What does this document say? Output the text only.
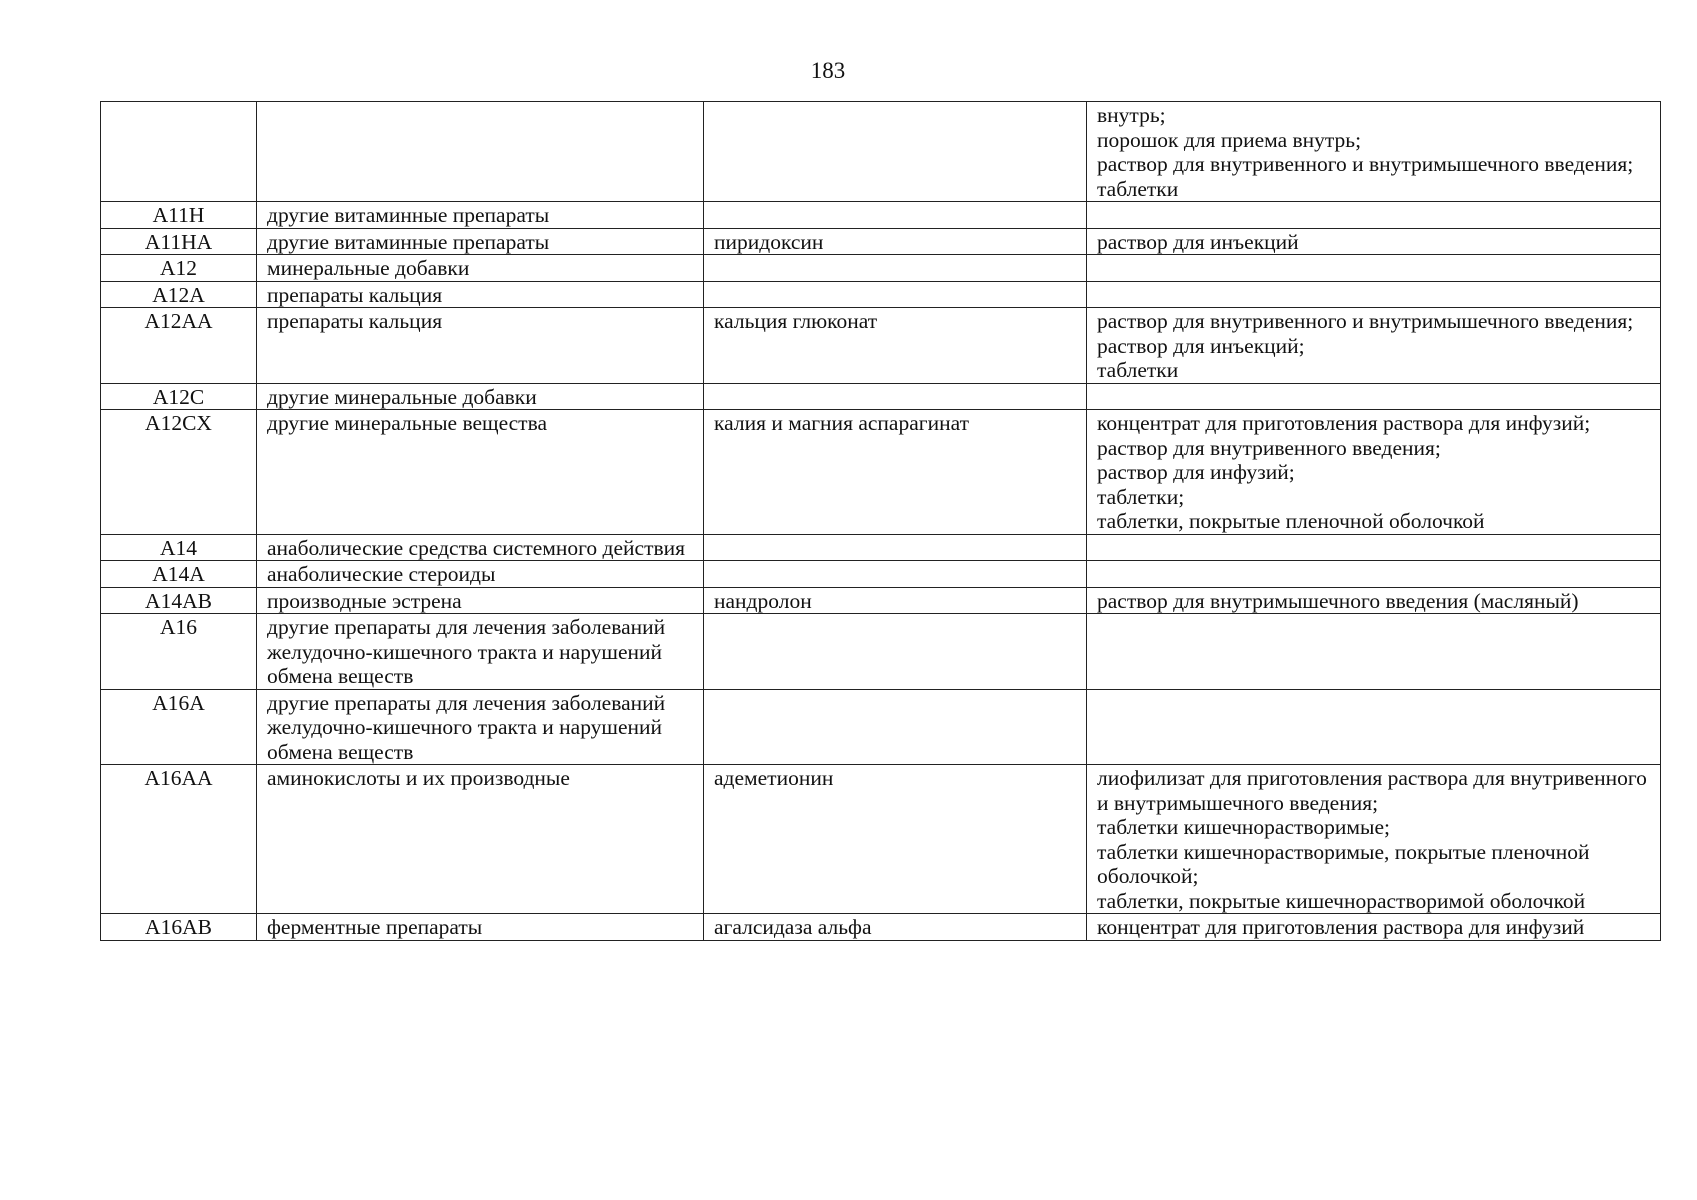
183
			внутрь;
порошок для приема внутрь;
раствор для внутривенного и внутримышечного введения;
таблетки
A11H	другие витаминные препараты		
A11HA	другие витаминные препараты	пиридоксин	раствор для инъекций
A12	минеральные добавки		
A12A	препараты кальция		
A12AA	препараты кальция	кальция глюконат	раствор для внутривенного и внутримышечного введения;
раствор для инъекций;
таблетки
A12C	другие минеральные добавки		
A12CX	другие минеральные вещества	калия и магния аспарагинат	концентрат для приготовления раствора для инфузий;
раствор для внутривенного введения;
раствор для инфузий;
таблетки;
таблетки, покрытые пленочной оболочкой
A14	анаболические средства системного действия		
A14A	анаболические стероиды		
A14AB	производные эстрена	нандролон	раствор для внутримышечного введения (масляный)
A16	другие препараты для лечения заболеваний желудочно-кишечного тракта и нарушений обмена веществ		
A16A	другие препараты для лечения заболеваний желудочно-кишечного тракта и нарушений обмена веществ		
A16AA	аминокислоты и их производные	адеметионин	лиофилизат для приготовления раствора для внутривенного и внутримышечного введения;
таблетки кишечнорастворимые;
таблетки кишечнорастворимые, покрытые пленочной оболочкой;
таблетки, покрытые кишечнорастворимой оболочкой
A16AB	ферментные препараты	агалсидаза альфа	концентрат для приготовления раствора для инфузий
